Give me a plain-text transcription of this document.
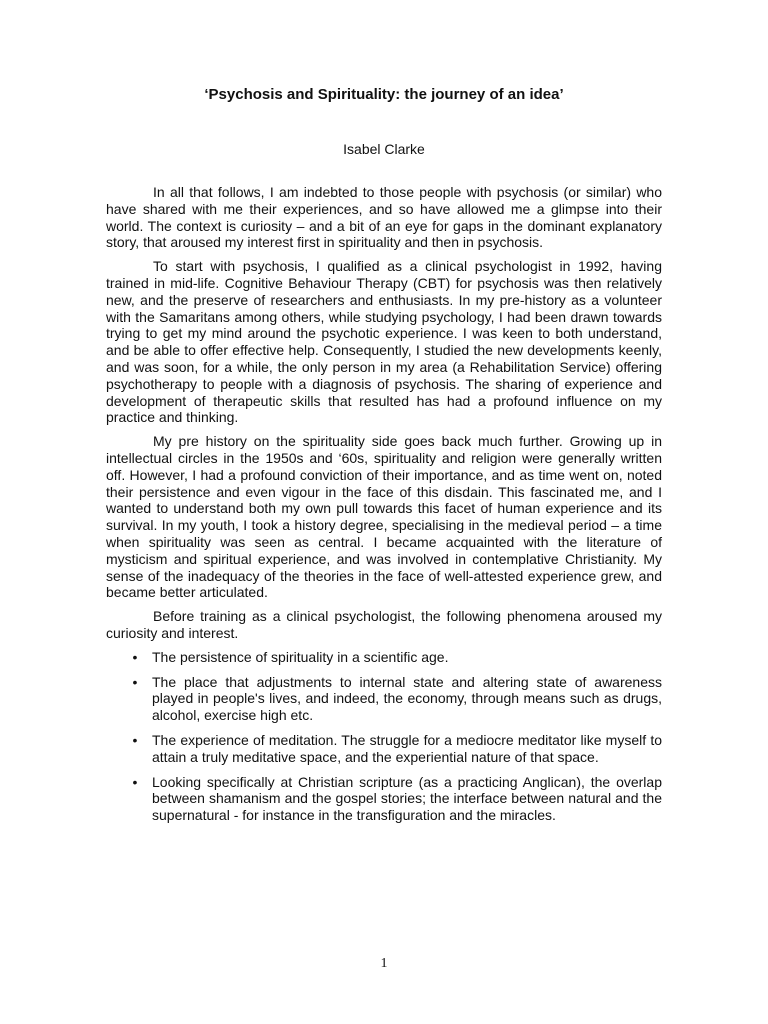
‘Psychosis and Spirituality: the journey of an idea’
Isabel Clarke

In all that follows, I am indebted to those people with psychosis (or similar) who have shared with me their experiences, and so have allowed me a glimpse into their world. The context is curiosity – and a bit of an eye for gaps in the dominant explanatory story, that aroused my interest first in spirituality and then in psychosis.

To start with psychosis, I qualified as a clinical psychologist in 1992, having trained in mid-life. Cognitive Behaviour Therapy (CBT) for psychosis was then relatively new, and the preserve of researchers and enthusiasts. In my pre-history as a volunteer with the Samaritans among others, while studying psychology, I had been drawn towards trying to get my mind around the psychotic experience. I was keen to both understand, and be able to offer effective help. Consequently, I studied the new developments keenly, and was soon, for a while, the only person in my area (a Rehabilitation Service) offering psychotherapy to people with a diagnosis of psychosis. The sharing of experience and development of therapeutic skills that resulted has had a profound influence on my practice and thinking.

My pre history on the spirituality side goes back much further. Growing up in intellectual circles in the 1950s and ‘60s, spirituality and religion were generally written off. However, I had a profound conviction of their importance, and as time went on, noted their persistence and even vigour in the face of this disdain. This fascinated me, and I wanted to understand both my own pull towards this facet of human experience and its survival. In my youth, I took a history degree, specialising in the medieval period – a time when spirituality was seen as central. I became acquainted with the literature of mysticism and spiritual experience, and was involved in contemplative Christianity. My sense of the inadequacy of the theories in the face of well-attested experience grew, and became better articulated.

Before training as a clinical psychologist, the following phenomena aroused my curiosity and interest.

• The persistence of spirituality in a scientific age.
• The place that adjustments to internal state and altering state of awareness played in people's lives, and indeed, the economy, through means such as drugs, alcohol, exercise high etc.
• The experience of meditation. The struggle for a mediocre meditator like myself to attain a truly meditative space, and the experiential nature of that space.
• Looking specifically at Christian scripture (as a practicing Anglican), the overlap between shamanism and the gospel stories; the interface between natural and the supernatural - for instance in the transfiguration and the miracles.
1
